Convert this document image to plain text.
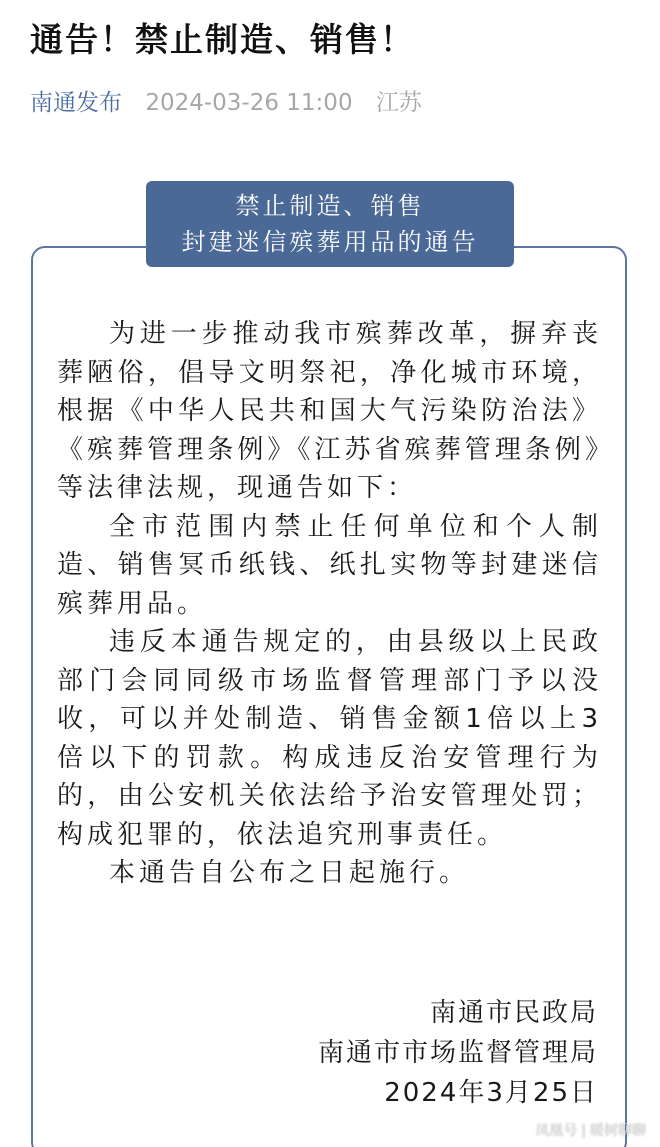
通告！禁止制造、销售！
南通发布 2024-03-26 11:00 江苏
禁止制造、销售
封建迷信殡葬用品的通告

为进一步推动我市殡葬改革，摒弃丧葬陋俗，倡导文明祭祀，净化城市环境，根据《中华人民共和国大气污染防治法》《殡葬管理条例》《江苏省殡葬管理条例》等法律法规，现通告如下：

全市范围内禁止任何单位和个人制造、销售冥币纸钱、纸扎实物等封建迷信殡葬用品。

违反本通告规定的，由县级以上民政部门会同同级市场监督管理部门予以没收，可以并处制造、销售金额1倍以上3倍以下的罚款。构成违反治安管理行为的，由公安机关依法给予治安管理处罚；构成犯罪的，依法追究刑事责任。

本通告自公布之日起施行。

南通市民政局
南通市市场监督管理局
2024年3月25日
凤凰号 | 暖树聊聊
